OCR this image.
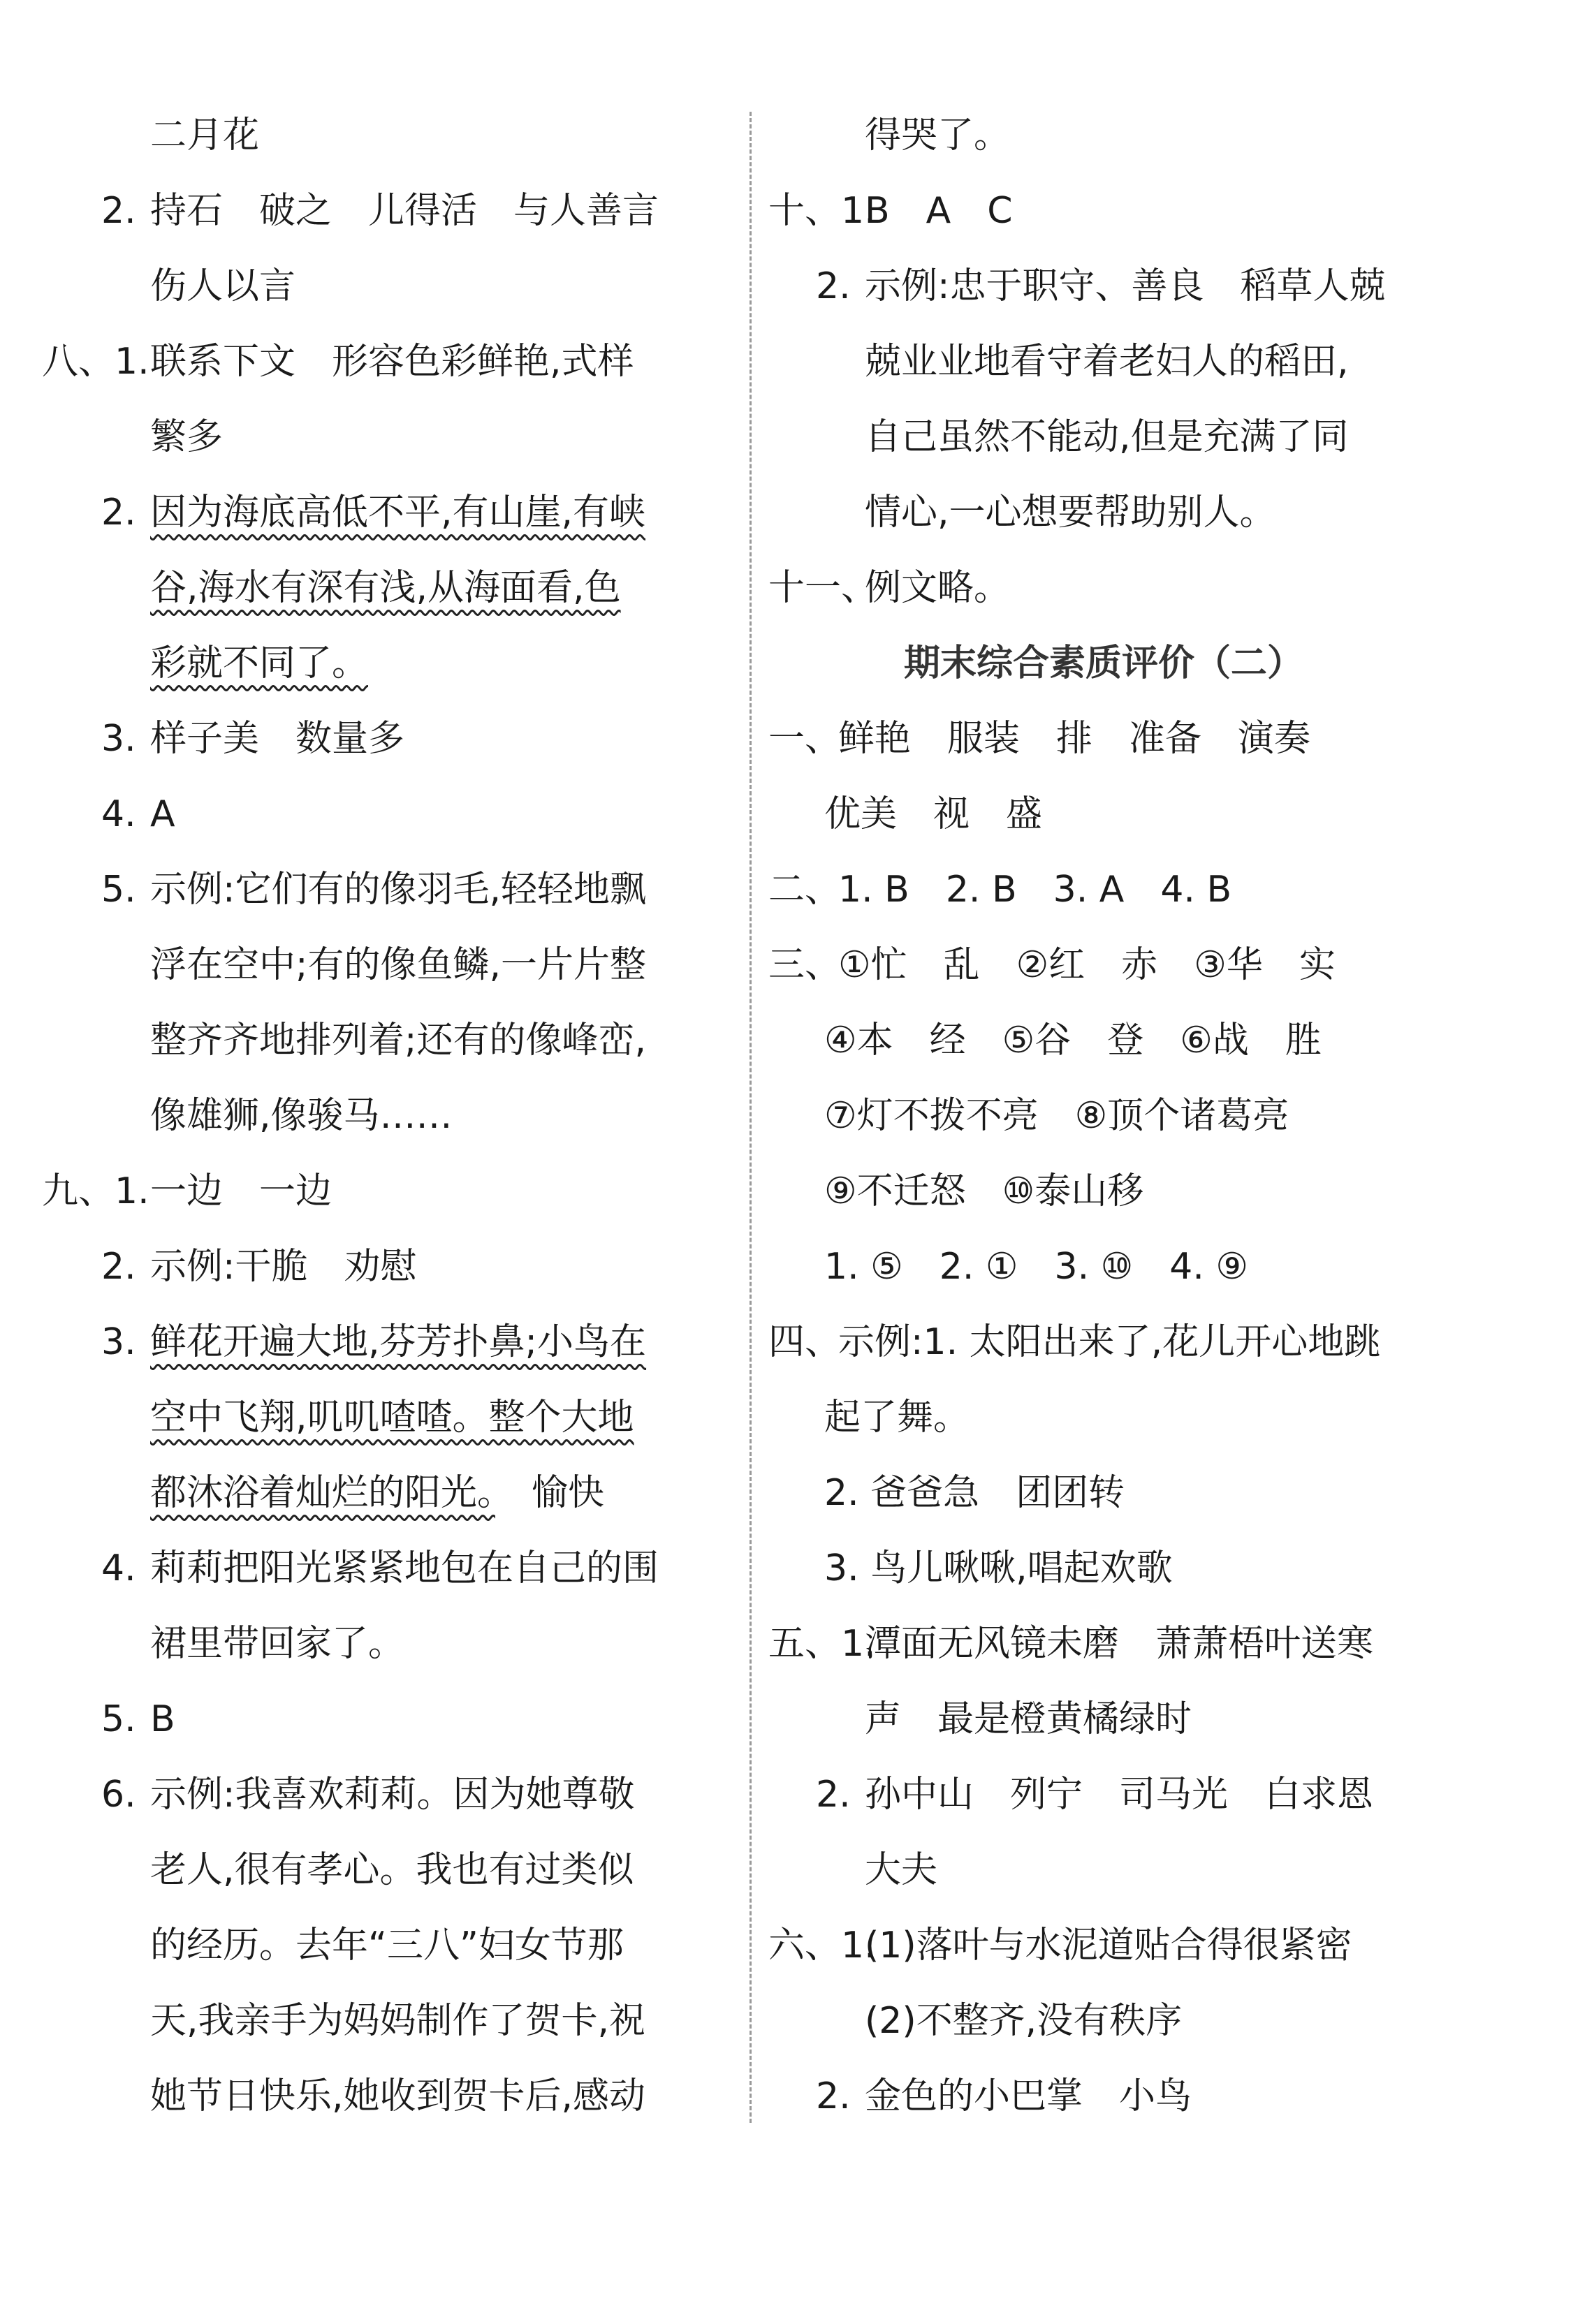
二月花
2. 持石　破之　儿得活　与人善言
伤人以言
八、1. 联系下文　形容色彩鲜艳,式样
繁多
2. 因为海底高低不平,有山崖,有峡
谷,海水有深有浅,从海面看,色
彩就不同了。
3. 样子美　数量多
4. A
5. 示例:它们有的像羽毛,轻轻地飘
浮在空中;有的像鱼鳞,一片片整
整齐齐地排列着;还有的像峰峦,
像雄狮,像骏马……
九、1. 一边　一边
2. 示例:干脆　劝慰
3. 鲜花开遍大地,芬芳扑鼻;小鸟在
空中飞翔,叽叽喳喳。整个大地
都沐浴着灿烂的阳光。　愉快
4. 莉莉把阳光紧紧地包在自己的围
裙里带回家了。
5. B
6. 示例:我喜欢莉莉。因为她尊敬
老人,很有孝心。我也有过类似
的经历。去年“三八”妇女节那
天,我亲手为妈妈制作了贺卡,祝
她节日快乐,她收到贺卡后,感动
得哭了。
十、1.
B　A　C
2. 示例:忠于职守、善良　稻草人兢
兢业业地看守着老妇人的稻田,
自己虽然不能动,但是充满了同
情心,一心想要帮助别人。
十一、
例文略。
期末综合素质评价（二）
一、
鲜艳　服装　排　准备　演奏
优美　视　盛
二、
1. B　2. B　3. A　4. B
三、
①忙　乱　②红　赤　③华　实
④本　经　⑤谷　登　⑥战　胜
⑦灯不拨不亮　⑧顶个诸葛亮
⑨不迁怒　⑩泰山移
1. ⑤　2. ①　3. ⑩　4. ⑨
四、
示例:1. 太阳出来了,花儿开心地跳
起了舞。
2. 爸爸急　团团转
3. 鸟儿啾啾,唱起欢歌
五、1.
潭面无风镜未磨　萧萧梧叶送寒
声　最是橙黄橘绿时
2. 孙中山　列宁　司马光　白求恩
大夫
六、1.
(1)落叶与水泥道贴合得很紧密
(2)不整齐,没有秩序
2. 金色的小巴掌　小鸟
